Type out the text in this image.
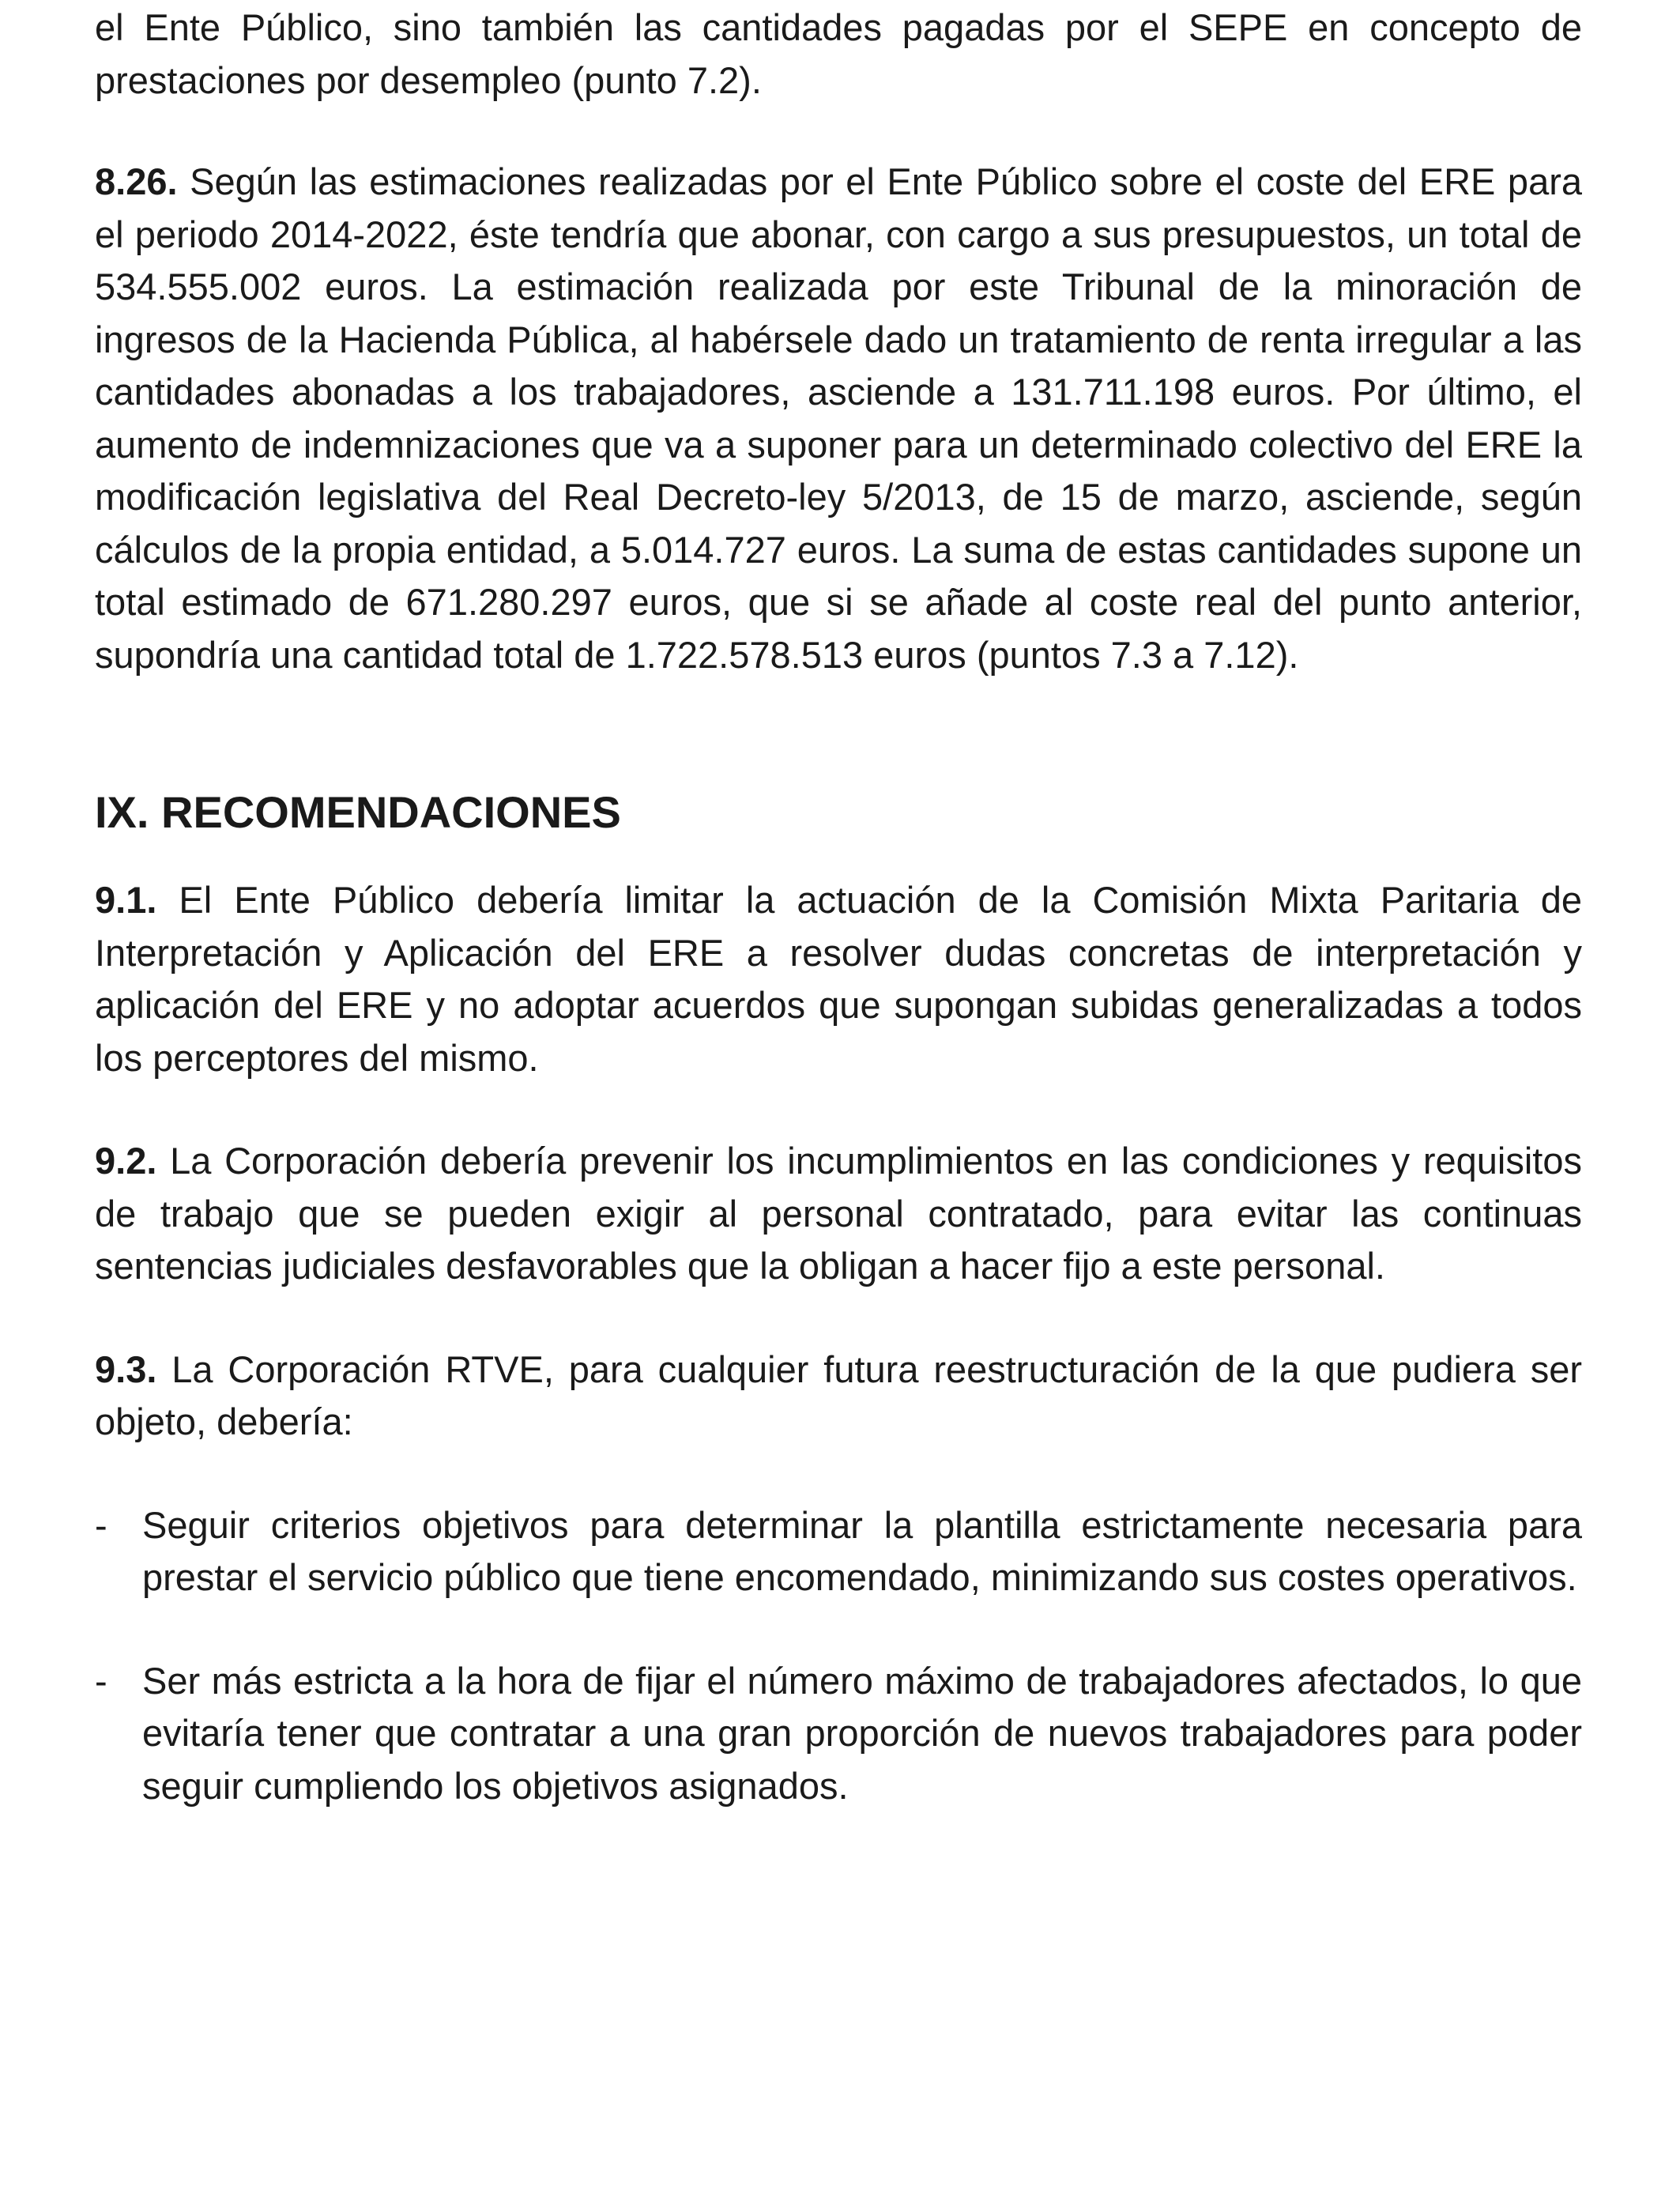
el Ente Público, sino también las cantidades pagadas por el SEPE en concepto de prestaciones por desempleo (punto 7.2).

8.26. Según las estimaciones realizadas por el Ente Público sobre el coste del ERE para el periodo 2014-2022, éste tendría que abonar, con cargo a sus presupuestos, un total de 534.555.002 euros. La estimación realizada por este Tribunal de la minoración de ingresos de la Hacienda Pública, al habérsele dado un tratamiento de renta irregular a las cantidades abonadas a los trabajadores, asciende a 131.711.198 euros. Por último, el aumento de indemnizaciones que va a suponer para un determinado colectivo del ERE la modificación legislativa del Real Decreto-ley 5/2013, de 15 de marzo, asciende, según cálculos de la propia entidad, a 5.014.727 euros. La suma de estas cantidades supone un total estimado de 671.280.297 euros, que si se añade al coste real del punto anterior, supondría una cantidad total de 1.722.578.513 euros (puntos 7.3 a 7.12).

IX. RECOMENDACIONES

9.1. El Ente Público debería limitar la actuación de la Comisión Mixta Paritaria de Interpretación y Aplicación del ERE a resolver dudas concretas de interpretación y aplicación del ERE y no adoptar acuerdos que supongan subidas generalizadas a todos los perceptores del mismo.

9.2. La Corporación debería prevenir los incumplimientos en las condiciones y requisitos de trabajo que se pueden exigir al personal contratado, para evitar las continuas sentencias judiciales desfavorables que la obligan a hacer fijo a este personal.

9.3. La Corporación RTVE, para cualquier futura reestructuración de la que pudiera ser objeto, debería:

- Seguir criterios objetivos para determinar la plantilla estrictamente necesaria para prestar el servicio público que tiene encomendado, minimizando sus costes operativos.

- Ser más estricta a la hora de fijar el número máximo de trabajadores afectados, lo que evitaría tener que contratar a una gran proporción de nuevos trabajadores para poder seguir cumpliendo los objetivos asignados.
